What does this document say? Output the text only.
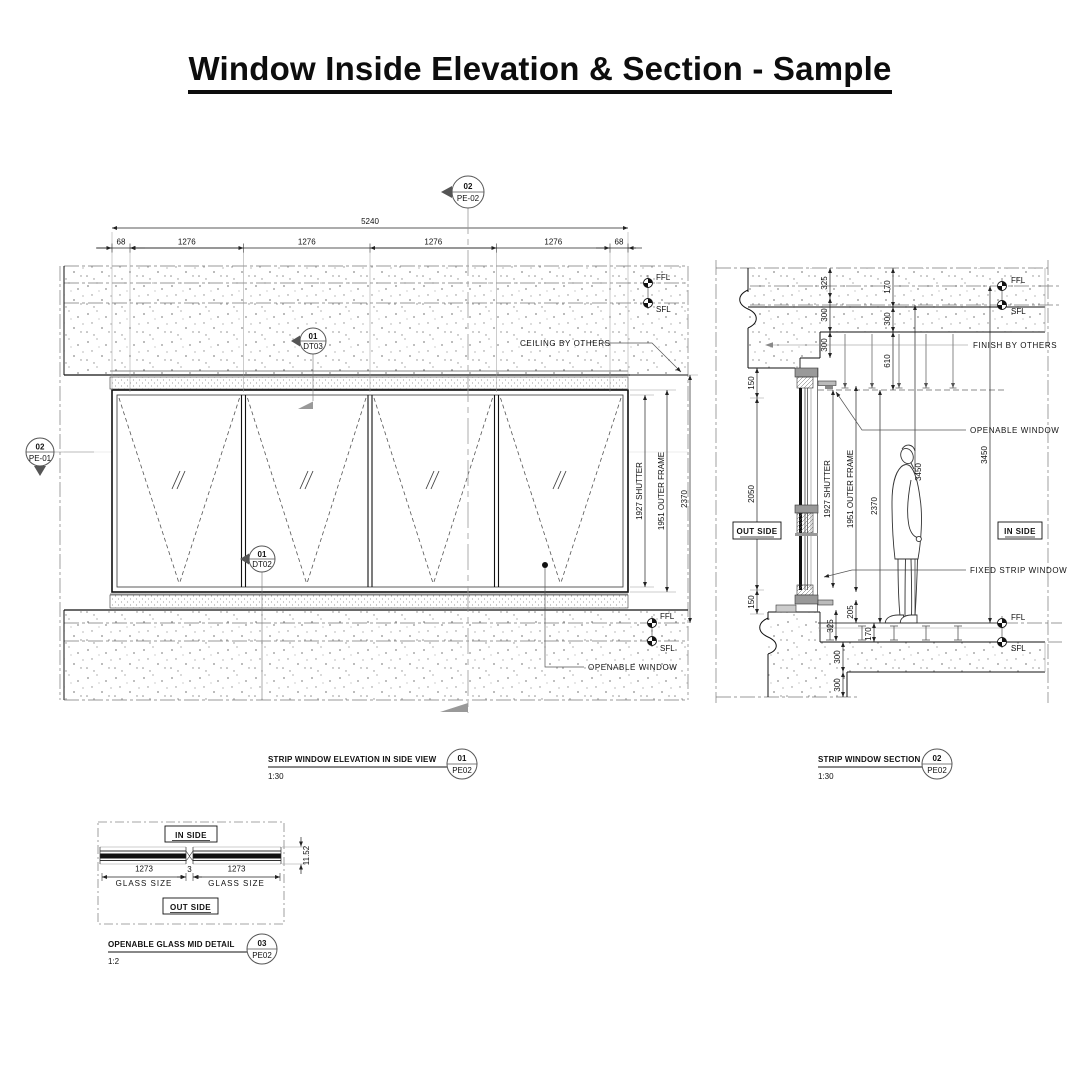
Window Inside Elevation & Section - Sample
5240
68	1276	1276	1276	1276	68
1927 SHUTTER 1951 OUTER FRAME 2370
FFL
SFL
FFL
SFL
CEILING BY OTHERS
OPENABLE WINDOW
02
PE-02
02
PE-01
01
DT03
01
DT02
STRIP WINDOW ELEVATION IN SIDE VIEW
1:30
01
PE02
325
300
300
170
300
610
150
2050
150
1927 SHUTTER 1951 OUTER FRAME 2370
3450
205
325
170
300
300
FINISH BY OTHERS
OPENABLE WINDOW
FIXED STRIP WINDOW
OUT SIDE	IN SIDE
FFL
SFL
FFL
SFL
3450
STRIP WINDOW SECTION
1:30
02
PE02
IN SIDE
11.52
1273	1273
3
GLASS SIZE	GLASS SIZE
OUT SIDE
OPENABLE GLASS MID DETAIL
1:2
03
PE02
